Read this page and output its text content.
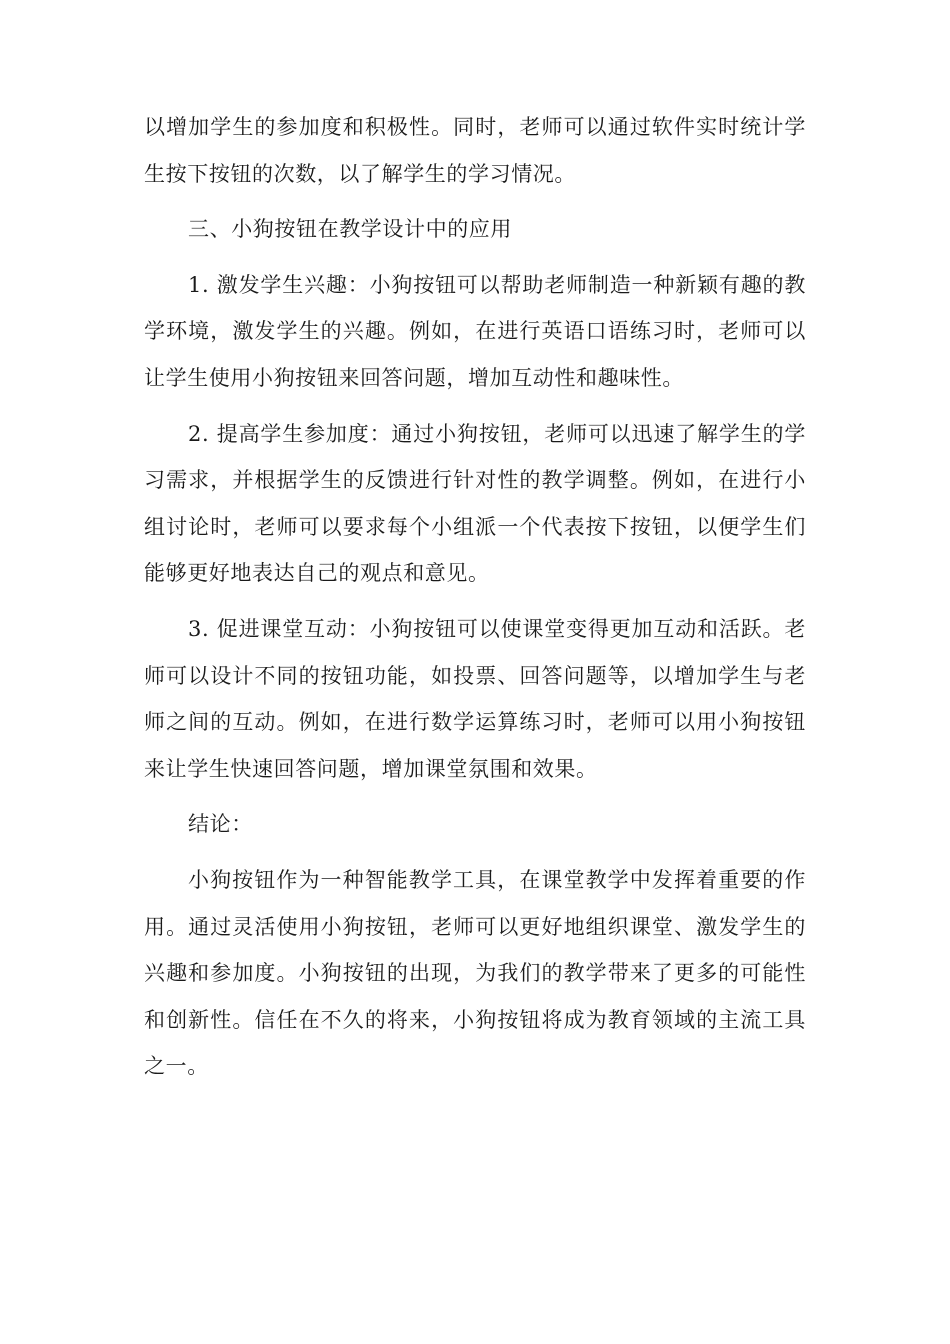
以增加学生的参加度和积极性。同时，老师可以通过软件实时统计学生按下按钮的次数，以了解学生的学习情况。

三、小狗按钮在教学设计中的应用

1. 激发学生兴趣：小狗按钮可以帮助老师制造一种新颖有趣的教学环境，激发学生的兴趣。例如，在进行英语口语练习时，老师可以让学生使用小狗按钮来回答问题，增加互动性和趣味性。

2. 提高学生参加度：通过小狗按钮，老师可以迅速了解学生的学习需求，并根据学生的反馈进行针对性的教学调整。例如，在进行小组讨论时，老师可以要求每个小组派一个代表按下按钮，以便学生们能够更好地表达自己的观点和意见。

3. 促进课堂互动：小狗按钮可以使课堂变得更加互动和活跃。老师可以设计不同的按钮功能，如投票、回答问题等，以增加学生与老师之间的互动。例如，在进行数学运算练习时，老师可以用小狗按钮来让学生快速回答问题，增加课堂氛围和效果。

结论：

小狗按钮作为一种智能教学工具，在课堂教学中发挥着重要的作用。通过灵活使用小狗按钮，老师可以更好地组织课堂、激发学生的兴趣和参加度。小狗按钮的出现，为我们的教学带来了更多的可能性和创新性。信任在不久的将来，小狗按钮将成为教育领域的主流工具之一。
